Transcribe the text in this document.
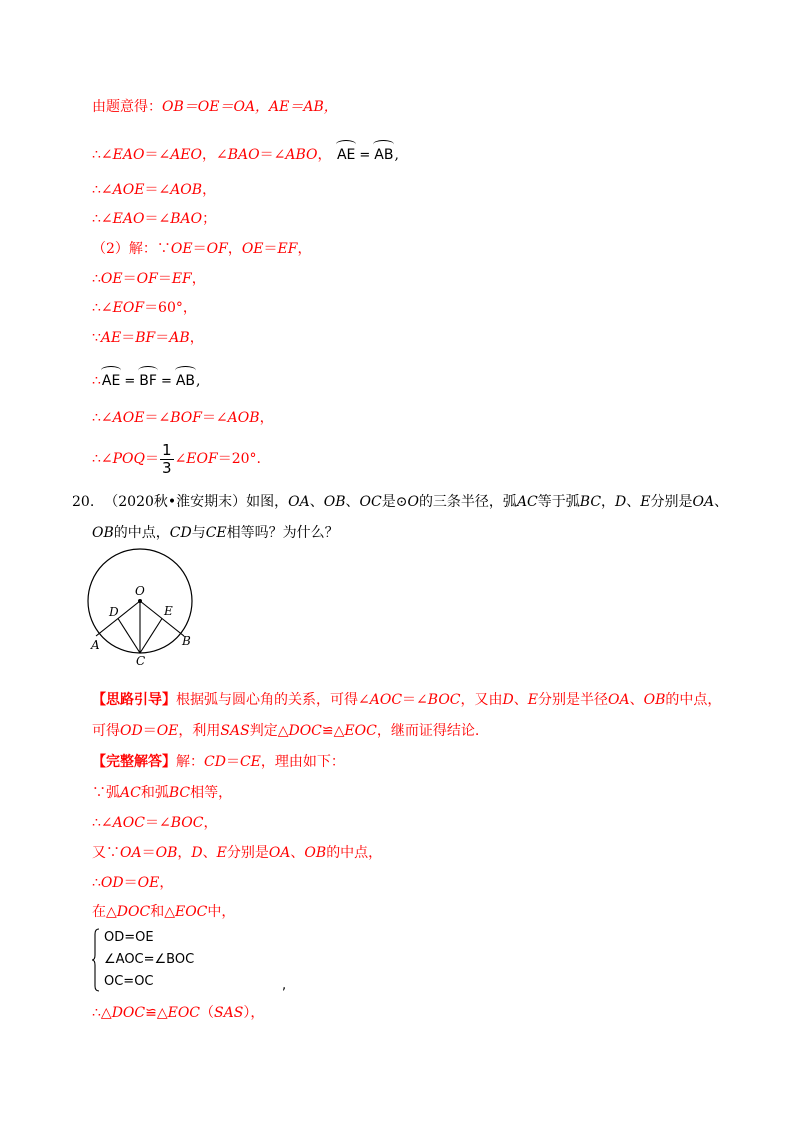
由题意得：OB＝OE＝OA，AE＝AB，
∴∠EAO＝∠AEO，∠BAO＝∠ABO， AE = AB,
∴∠AOE＝∠AOB，
∴∠EAO＝∠BAO；
（2）解：∵OE＝OF，OE＝EF，
∴OE＝OF＝EF，
∴∠EOF＝60°，
∵AE＝BF＝AB，
∴AE = BF = AB,
∴∠AOE＝∠BOF＝∠AOB，
∴∠POQ＝ $\frac{1}{3}$ ∠EOF＝20°.
20. （2020秋•淮安期末）如图，OA、OB、OC是⊙O的三条半径，弧AC等于弧BC，D、E分别是OA、
OB的中点，CD与CE相等吗？为什么？
O
D	E
A	B
C
【思路引导】根据弧与圆心角的关系，可得∠AOC＝∠BOC，又由D、E分别是半径OA、OB的中点，
可得OD＝OE，利用SAS判定△DOC≌△EOC，继而证得结论.
【完整解答】解：CD＝CE，理由如下：
∵弧AC和弧BC相等，
∴∠AOC＝∠BOC，
又∵OA＝OB，D、E分别是OA、OB的中点，
∴OD＝OE，
在△DOC和△EOC中，
OD=OE
∠AOC=∠BOC
OC=OC	,
∴△DOC≌△EOC（SAS），
